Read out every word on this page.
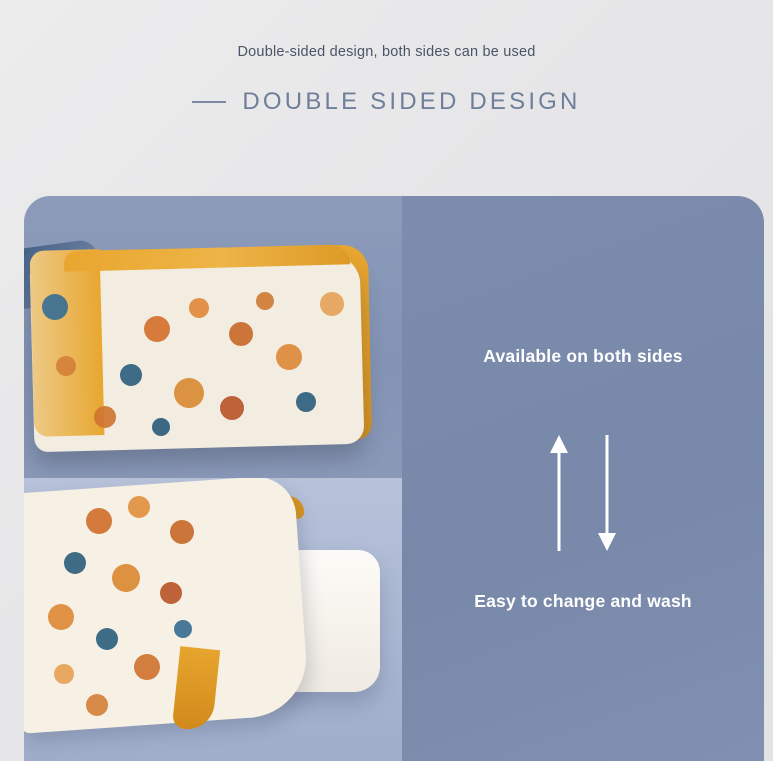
Double-sided design, both sides can be used
DOUBLE SIDED DESIGN
Available on both sides
Easy to change and wash
